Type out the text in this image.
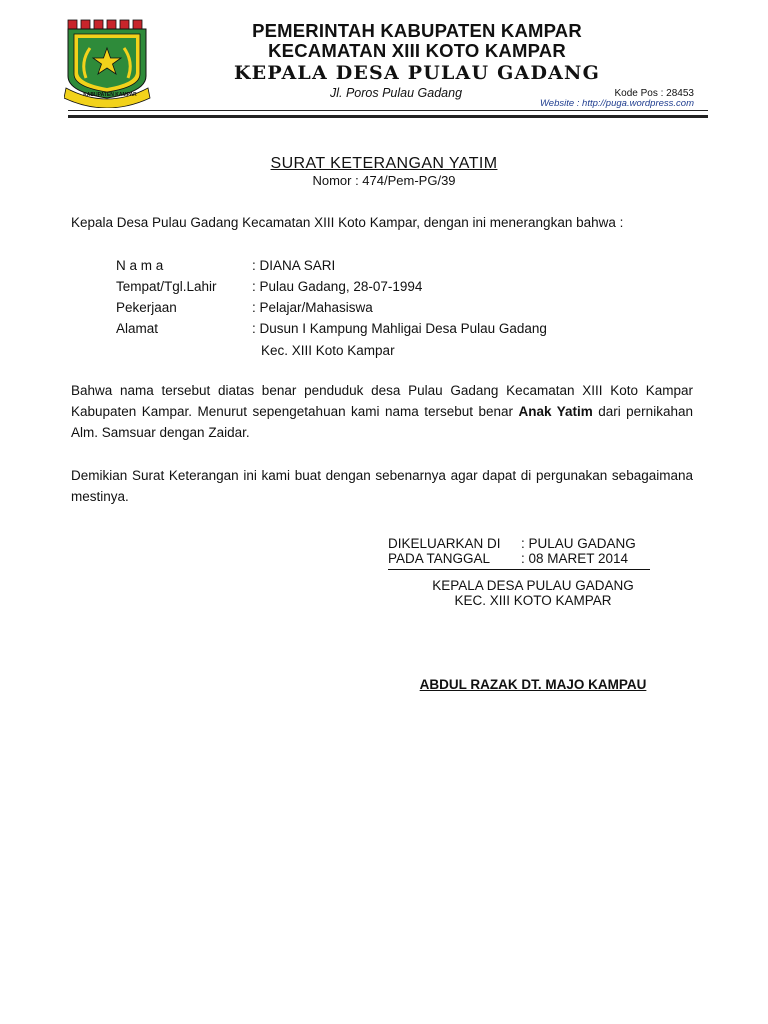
KABUPATEN KAMPAR
PEMERINTAH KABUPATEN KAMPAR
KECAMATAN XIII KOTO KAMPAR
KEPALA DESA PULAU GADANG
Jl. Poros Pulau Gadang	Kode Pos : 28453
Website : http://puga.wordpress.com
SURAT KETERANGAN YATIM
Nomor : 474/Pem-PG/39
Kepala Desa Pulau Gadang Kecamatan XIII Koto Kampar, dengan ini menerangkan bahwa :
N a m a	: DIANA SARI
Tempat/Tgl.Lahir	: Pulau Gadang, 28-07-1994
Pekerjaan	: Pelajar/Mahasiswa
Alamat	: Dusun I Kampung Mahligai Desa Pulau Gadang
Kec. XIII Koto Kampar
Bahwa nama tersebut diatas benar penduduk desa Pulau Gadang Kecamatan XIII Koto Kampar Kabupaten Kampar. Menurut sepengetahuan kami nama tersebut benar Anak Yatim dari pernikahan Alm. Samsuar dengan Zaidar.
Demikian Surat Keterangan ini kami buat dengan sebenarnya agar dapat di pergunakan sebagaimana mestinya.
DIKELUARKAN DI : PULAU GADANG
PADA TANGGAL : 08 MARET 2014
KEPALA DESA PULAU GADANG
KEC. XIII KOTO KAMPAR
ABDUL RAZAK DT. MAJO KAMPAU
